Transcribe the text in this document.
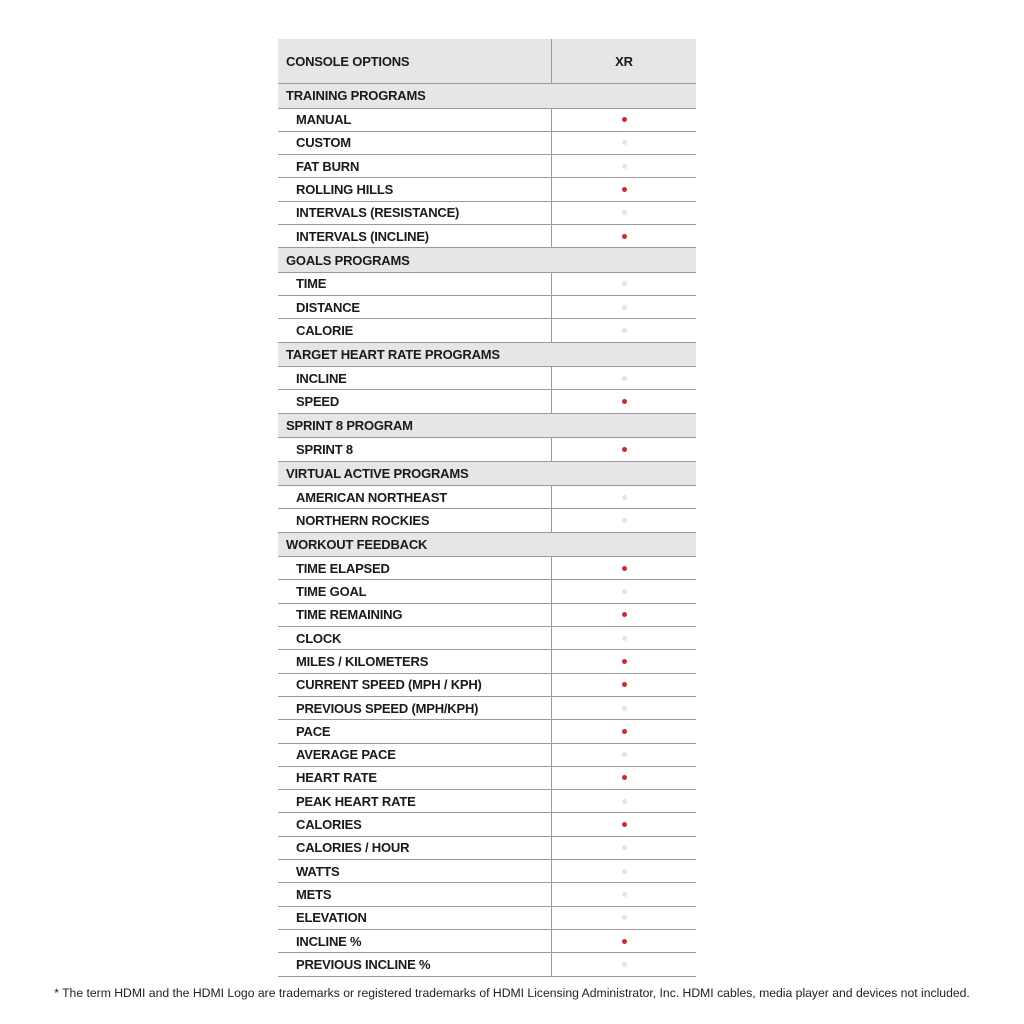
CONSOLE OPTIONS	XR
TRAINING PROGRAMS
MANUAL
CUSTOM
FAT BURN
ROLLING HILLS
INTERVALS (RESISTANCE)
INTERVALS (INCLINE)
GOALS PROGRAMS
TIME
DISTANCE
CALORIE
TARGET HEART RATE PROGRAMS
INCLINE
SPEED
SPRINT 8 PROGRAM
SPRINT 8
VIRTUAL ACTIVE PROGRAMS
AMERICAN NORTHEAST
NORTHERN ROCKIES
WORKOUT FEEDBACK
TIME ELAPSED
TIME GOAL
TIME REMAINING
CLOCK
MILES / KILOMETERS
CURRENT SPEED (MPH / KPH)
PREVIOUS SPEED (MPH/KPH)
PACE
AVERAGE PACE
HEART RATE
PEAK HEART RATE
CALORIES
CALORIES / HOUR
WATTS
METS
ELEVATION
INCLINE %
PREVIOUS INCLINE %
* The term HDMI and the HDMI Logo are trademarks or registered trademarks of HDMI Licensing Administrator, Inc. HDMI cables, media player and devices not included.
